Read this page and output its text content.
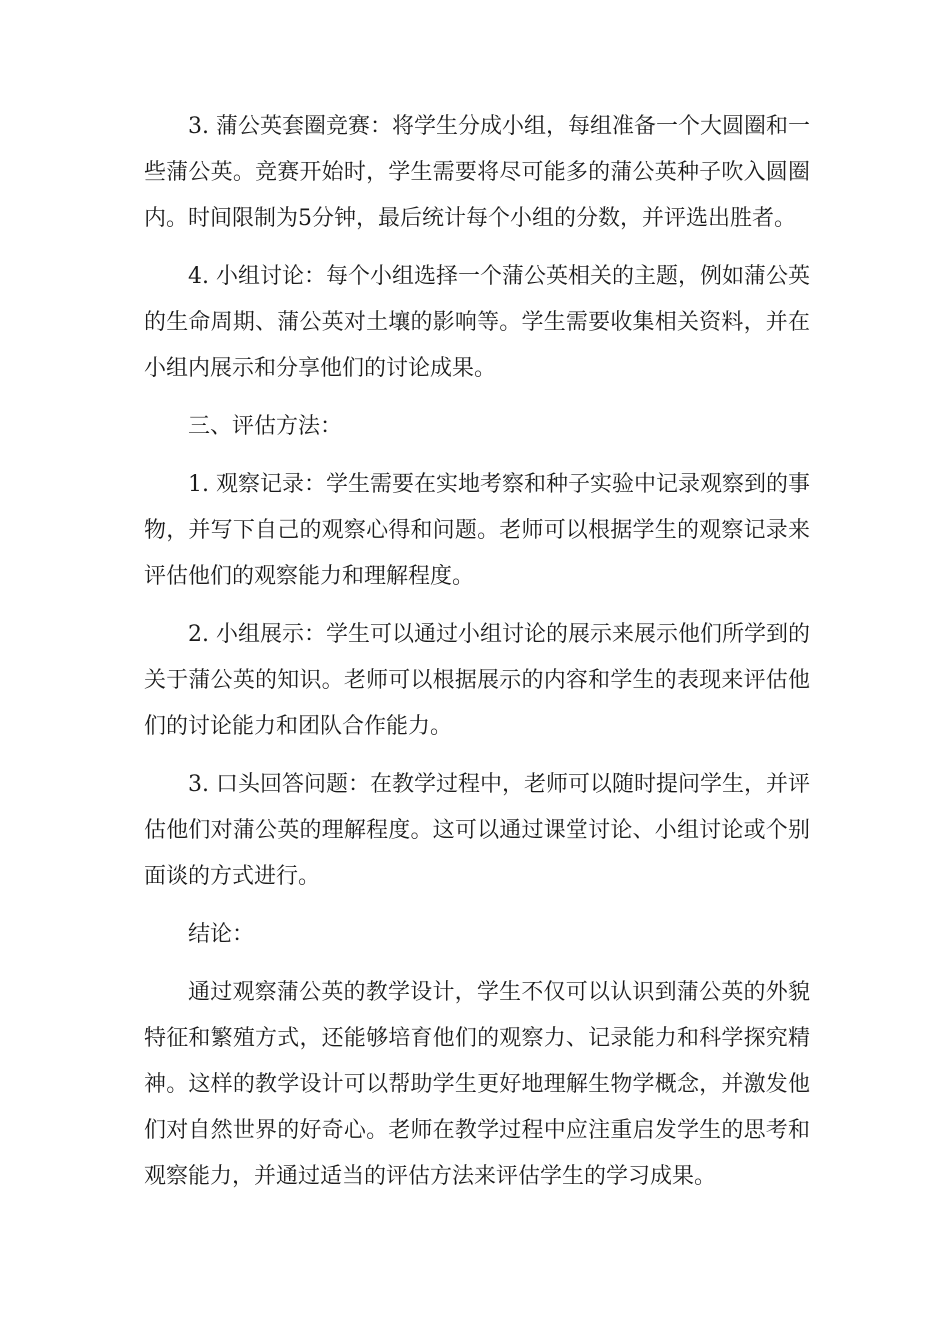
3. 蒲公英套圈竞赛：将学生分成小组，每组准备一个大圆圈和一些蒲公英。竞赛开始时，学生需要将尽可能多的蒲公英种子吹入圆圈内。时间限制为5分钟，最后统计每个小组的分数，并评选出胜者。

4. 小组讨论：每个小组选择一个蒲公英相关的主题，例如蒲公英的生命周期、蒲公英对土壤的影响等。学生需要收集相关资料，并在小组内展示和分享他们的讨论成果。

三、评估方法：

1. 观察记录：学生需要在实地考察和种子实验中记录观察到的事物，并写下自己的观察心得和问题。老师可以根据学生的观察记录来评估他们的观察能力和理解程度。

2. 小组展示：学生可以通过小组讨论的展示来展示他们所学到的关于蒲公英的知识。老师可以根据展示的内容和学生的表现来评估他们的讨论能力和团队合作能力。

3. 口头回答问题：在教学过程中，老师可以随时提问学生，并评估他们对蒲公英的理解程度。这可以通过课堂讨论、小组讨论或个别面谈的方式进行。

结论：

通过观察蒲公英的教学设计，学生不仅可以认识到蒲公英的外貌特征和繁殖方式，还能够培育他们的观察力、记录能力和科学探究精神。这样的教学设计可以帮助学生更好地理解生物学概念，并激发他们对自然世界的好奇心。老师在教学过程中应注重启发学生的思考和观察能力，并通过适当的评估方法来评估学生的学习成果。
